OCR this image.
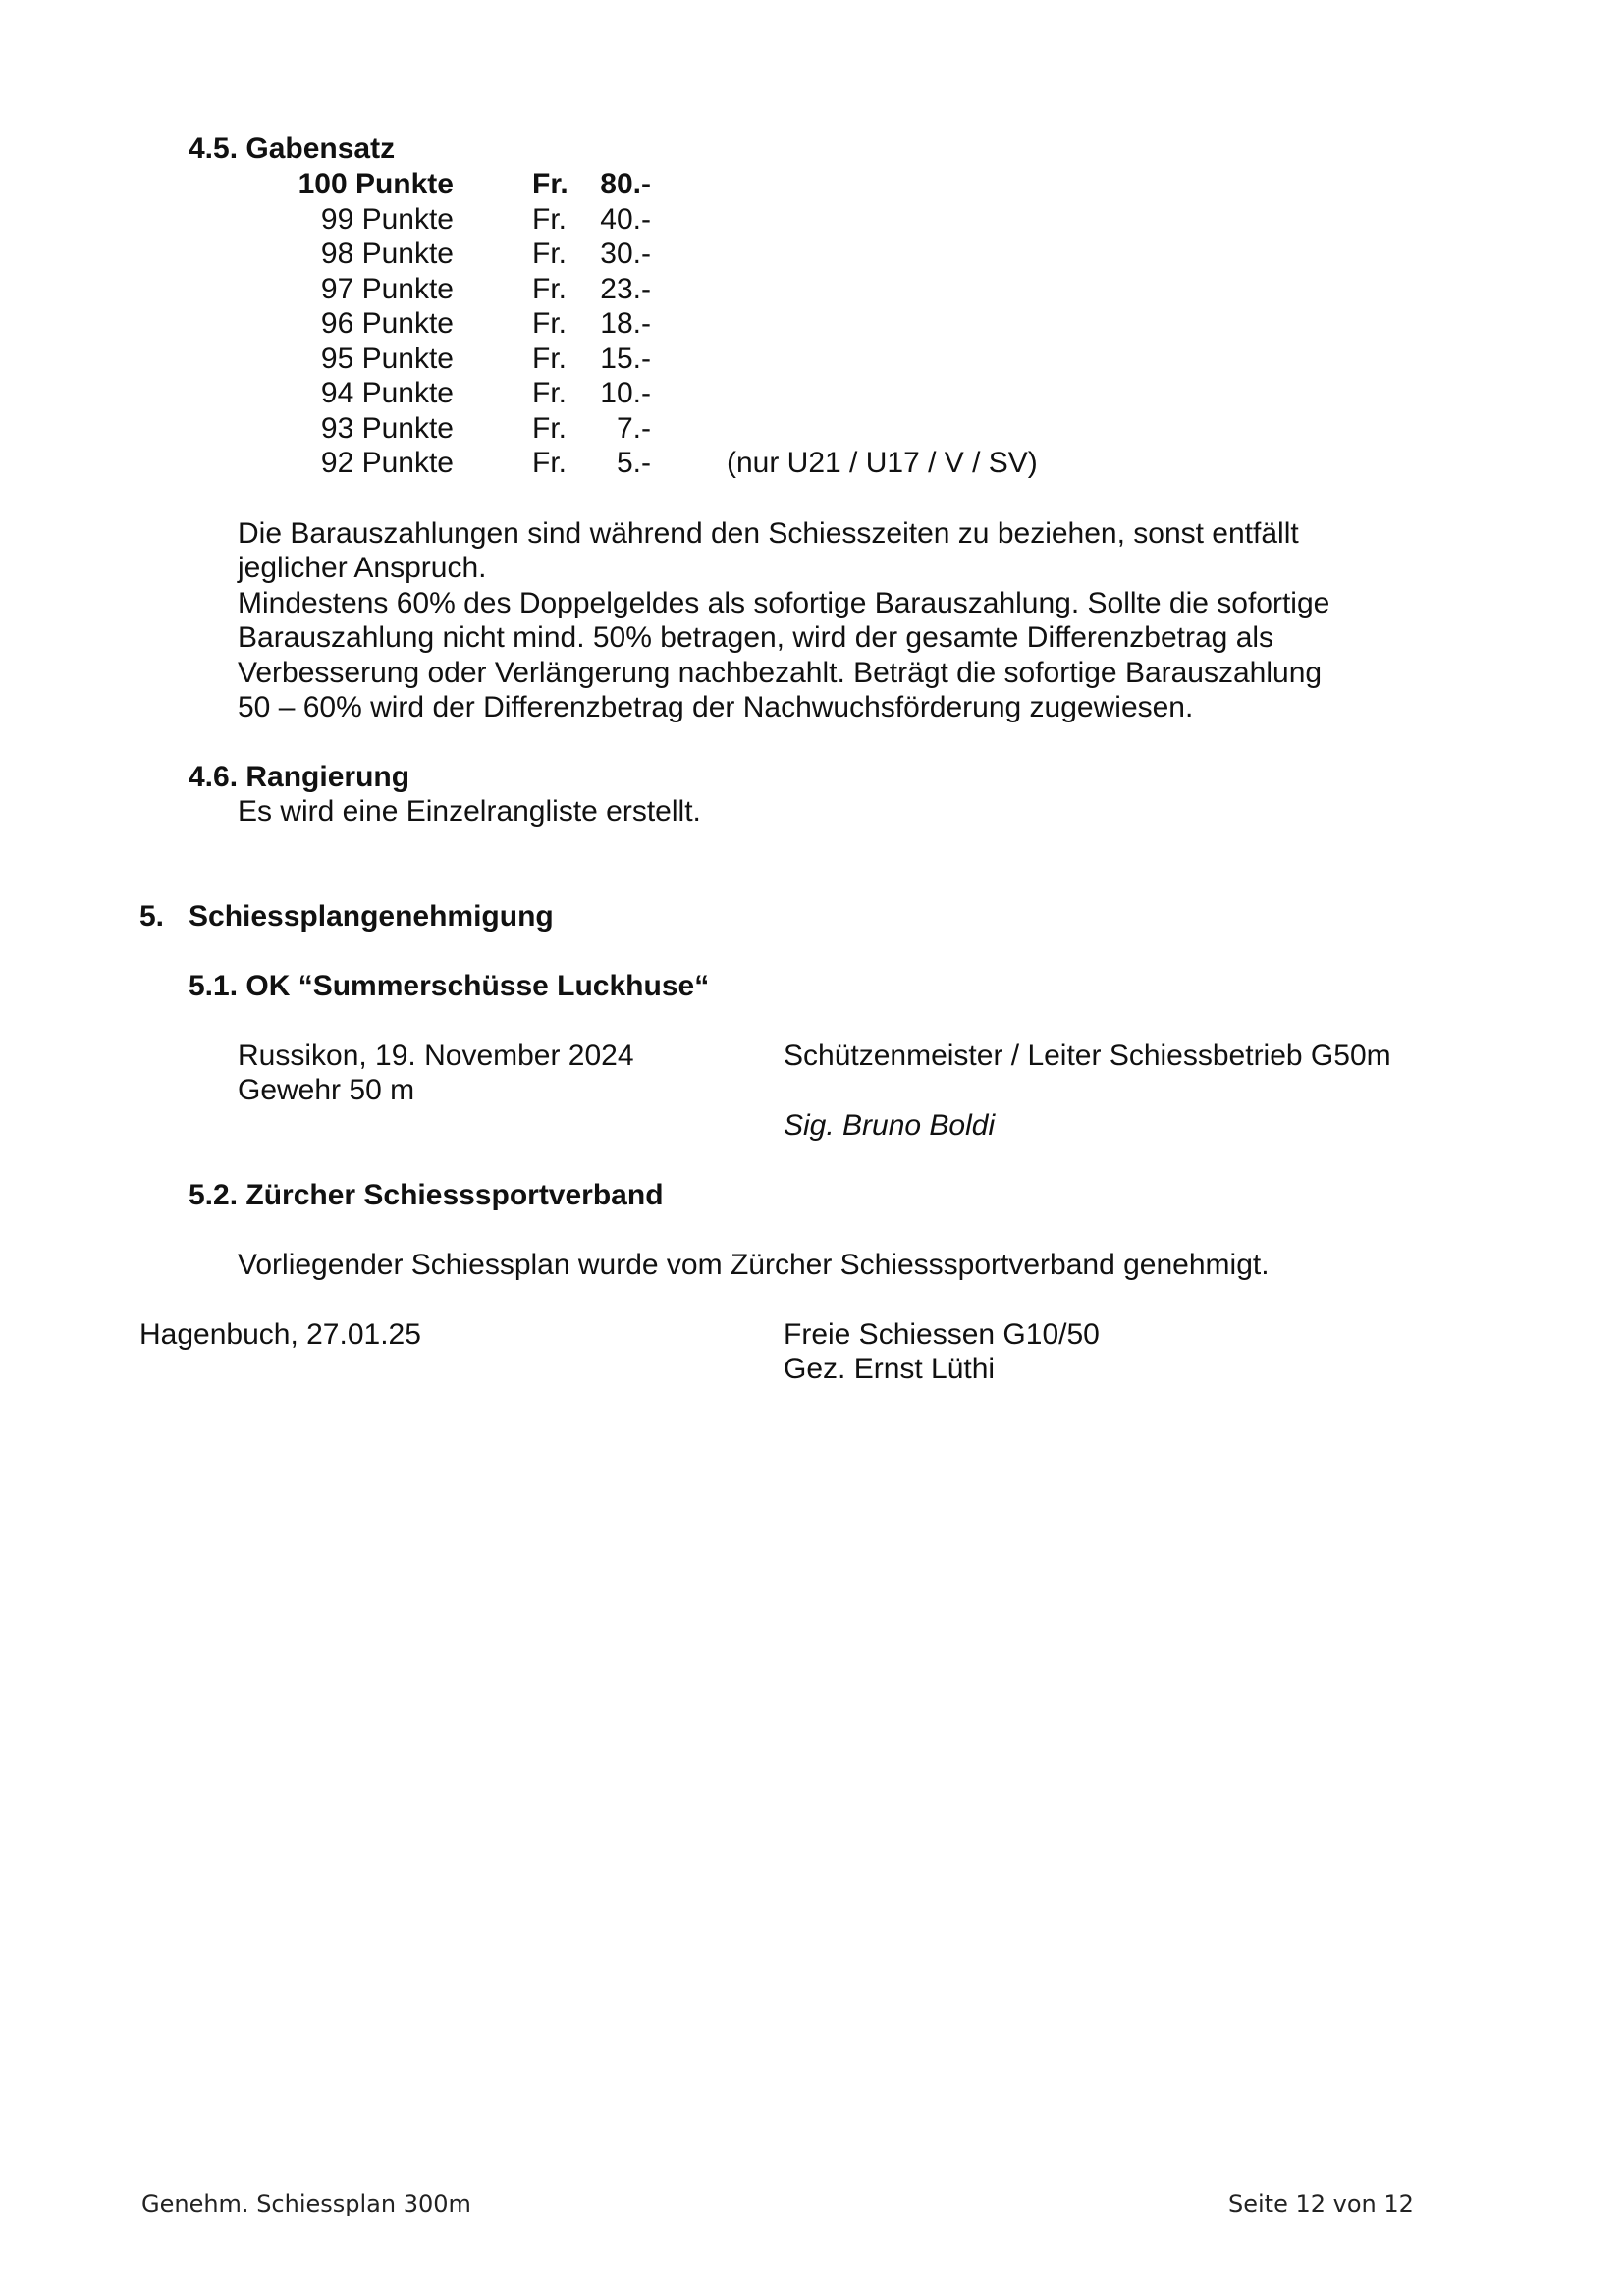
4.5. Gabensatz
100 Punkte	Fr.	80.-
99 Punkte	Fr.	40.-
98 Punkte	Fr.	30.-
97 Punkte	Fr.	23.-
96 Punkte	Fr.	18.-
95 Punkte	Fr.	15.-
94 Punkte	Fr.	10.-
93 Punkte	Fr.	7.-
92 Punkte	Fr.	5.-	(nur U21 / U17 / V / SV)
Die Barauszahlungen sind während den Schiesszeiten zu beziehen, sonst entfällt
jeglicher Anspruch.
Mindestens 60% des Doppelgeldes als sofortige Barauszahlung. Sollte die sofortige
Barauszahlung nicht mind. 50% betragen, wird der gesamte Differenzbetrag als
Verbesserung oder Verlängerung nachbezahlt. Beträgt die sofortige Barauszahlung
50 – 60% wird der Differenzbetrag der Nachwuchsförderung zugewiesen.
4.6. Rangierung
Es wird eine Einzelrangliste erstellt.
5. Schiessplangenehmigung
5.1. OK “Summerschüsse Luckhuse“
Russikon, 19. November 2024
Gewehr 50 m
Schützenmeister / Leiter Schiessbetrieb G50m
Sig. Bruno Boldi
5.2. Zürcher Schiesssportverband
Vorliegender Schiessplan wurde vom Zürcher Schiesssportverband genehmigt.
Hagenbuch, 27.01.25	Freie Schiessen G10/50
Gez. Ernst Lüthi
Genehm. Schiessplan 300m	Seite 12 von 12
